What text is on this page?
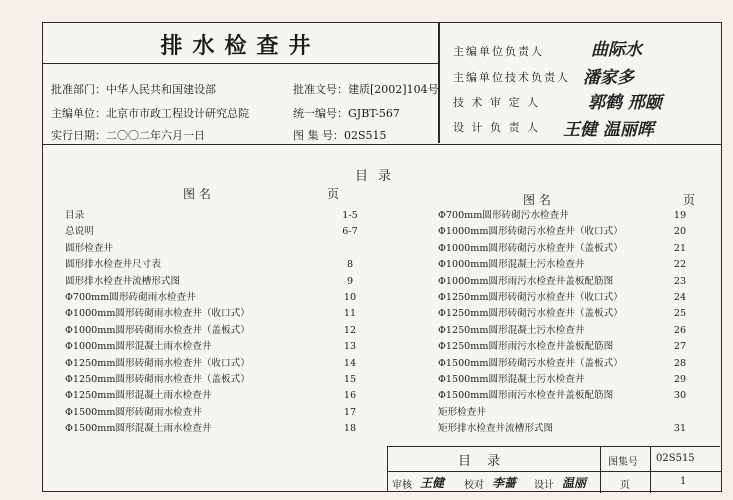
排水检查井
批准部门：中华人民共和国建设部	批准文号：建质[2002]104号
主编单位：北京市市政工程设计研究总院	统一编号：GJBT-567
实行日期：二〇〇二年六月一日	图 集 号：02S515
主编单位负责人	曲际水
主编单位技术负责人 潘家多
技 术 审 定 人	郭鹤 邢颐
设 计 负 责 人 王健 温丽晖
目录
图 名	页	图 名	页
目录	1-5
总说明	6-7
圆形检查井
圆形排水检查井尺寸表	8
圆形排水检查井流槽形式图	9
Φ700mm圆形砖砌雨水检查井	10
Φ1000mm圆形砖砌雨水检查井（收口式）	11
Φ1000mm圆形砖砌雨水检查井（盖板式）	12
Φ1000mm圆形混凝土雨水检查井	13
Φ1250mm圆形砖砌雨水检查井（收口式）	14
Φ1250mm圆形砖砌雨水检查井（盖板式）	15
Φ1250mm圆形混凝土雨水检查井	16
Φ1500mm圆形砖砌雨水检查井	17
Φ1500mm圆形混凝土雨水检查井	18
Φ700mm圆形砖砌污水检查井	19
Φ1000mm圆形砖砌污水检查井（收口式）	20
Φ1000mm圆形砖砌污水检查井（盖板式）	21
Φ1000mm圆形混凝土污水检查井	22
Φ1000mm圆形雨污水检查井盖板配筋图	23
Φ1250mm圆形砖砌污水检查井（收口式）	24
Φ1250mm圆形砖砌污水检查井（盖板式）	25
Φ1250mm圆形混凝土污水检查井	26
Φ1250mm圆形雨污水检查井盖板配筋图	27
Φ1500mm圆形砖砌污水检查井（盖板式）	28
Φ1500mm圆形混凝土污水检查井	29
Φ1500mm圆形雨污水检查井盖板配筋图	30
矩形检查井
矩形排水检查井流槽形式图	31
目 录	图集号 02S515
审核 王健 校对 李蔷 设计 温丽	页	1
